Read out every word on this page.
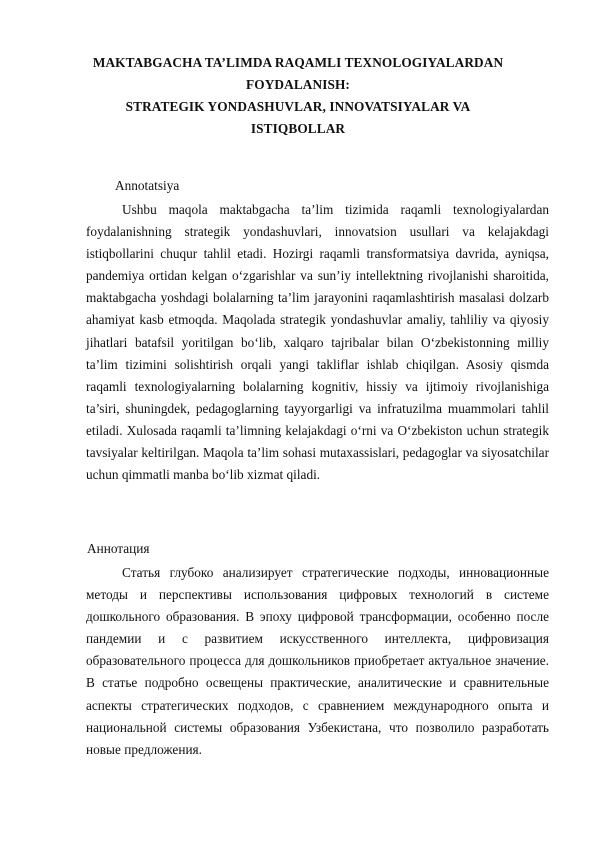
MAKTABGACHA TA’LIMDA RAQAMLI TEXNOLOGIYALARDAN
FOYDALANISH:
STRATEGIK YONDASHUVLAR, INNOVATSIYALAR VA
ISTIQBOLLAR
Annotatsiya

Ushbu maqola maktabgacha ta’lim tizimida raqamli texnologiyalardan foydalanishning strategik yondashuvlari, innovatsion usullari va kelajakdagi istiqbollarini chuqur tahlil etadi. Hozirgi raqamli transformatsiya davrida, ayniqsa, pandemiya ortidan kelgan o‘zgarishlar va sun’iy intellektning rivojlanishi sharoitida, maktabgacha yoshdagi bolalarning ta’lim jarayonini raqamlashtirish masalasi dolzarb ahamiyat kasb etmoqda. Maqolada strategik yondashuvlar amaliy, tahliliy va qiyosiy jihatlari batafsil yoritilgan bo‘lib, xalqaro tajribalar bilan O‘zbekistonning milliy ta’lim tizimini solishtirish orqali yangi takliflar ishlab chiqilgan. Asosiy qismda raqamli texnologiyalarning bolalarning kognitiv, hissiy va ijtimoiy rivojlanishiga ta’siri, shuningdek, pedagoglarning tayyorgarligi va infratuzilma muammolari tahlil etiladi. Xulosada raqamli ta’limning kelajakdagi o‘rni va O‘zbekiston uchun strategik tavsiyalar keltirilgan. Maqola ta’lim sohasi mutaxassislari, pedagoglar va siyosatchilar uchun qimmatli manba bo‘lib xizmat qiladi.

Аннотация

Статья глубоко анализирует стратегические подходы, инновационные методы и перспективы использования цифровых технологий в системе дошкольного образования. В эпоху цифровой трансформации, особенно после пандемии и с развитием искусственного интеллекта, цифровизация образовательного процесса для дошкольников приобретает актуальное значение. В статье подробно освещены практические, аналитические и сравнительные аспекты стратегических подходов, с сравнением международного опыта и национальной системы образования Узбекистана, что позволило разработать новые предложения.
